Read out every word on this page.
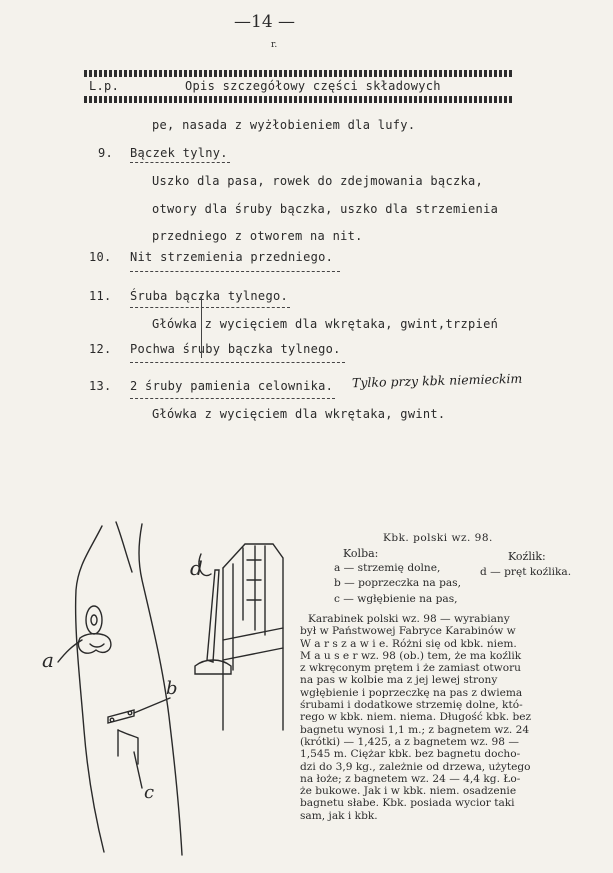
—14 —
r.
L.p.	Opis szczegółowy części składowych
pe, nasada z wyżłobieniem dla lufy.
9. Bączek tylny.
Uszko dla pasa, rowek do zdejmowania bączka,
otwory dla śruby bączka, uszko dla strzemienia
przedniego z otworem na nit.
10. Nit strzemienia przedniego.
11. Śruba bączka tylnego.
Główka z wycięciem dla wkrętaka, gwint,trzpień
12. Pochwa śruby bączka tylnego.
13. 2 śruby pamienia celownika. Tylko przy kbk niemieckim
Główka z wycięciem dla wkrętaka, gwint.
a
b
c
d
Kbk. polski wz. 98.
Kolba:	Koźlik:
a — strzemię dolne,	d — pręt koźlika.
b — poprzeczka na pas,
c — wgłębienie na pas,
Karabinek polski wz. 98 — wyrabiany
był w Państwowej Fabryce Karabinów w
W a r s z a w i e. Różni się od kbk. niem.
M a u s e r wz. 98 (ob.) tem, że ma koźlik
z wkręconym prętem i że zamiast otworu
na pas w kolbie ma z jej lewej strony
wgłębienie i poprzeczkę na pas z dwiema
śrubami i dodatkowe strzemię dolne, któ-
rego w kbk. niem. niema. Długość kbk. bez
bagnetu wynosi 1,1 m.; z bagnetem wz. 24
(krótki) — 1,425, a z bagnetem wz. 98 —
1,545 m. Ciężar kbk. bez bagnetu docho-
dzi do 3,9 kg., zależnie od drzewa, użytego
na łoże; z bagnetem wz. 24 — 4,4 kg. Ło-
że bukowe. Jak i w kbk. niem. osadzenie
bagnetu słabe. Kbk. posiada wycior taki
sam, jak i kbk.
